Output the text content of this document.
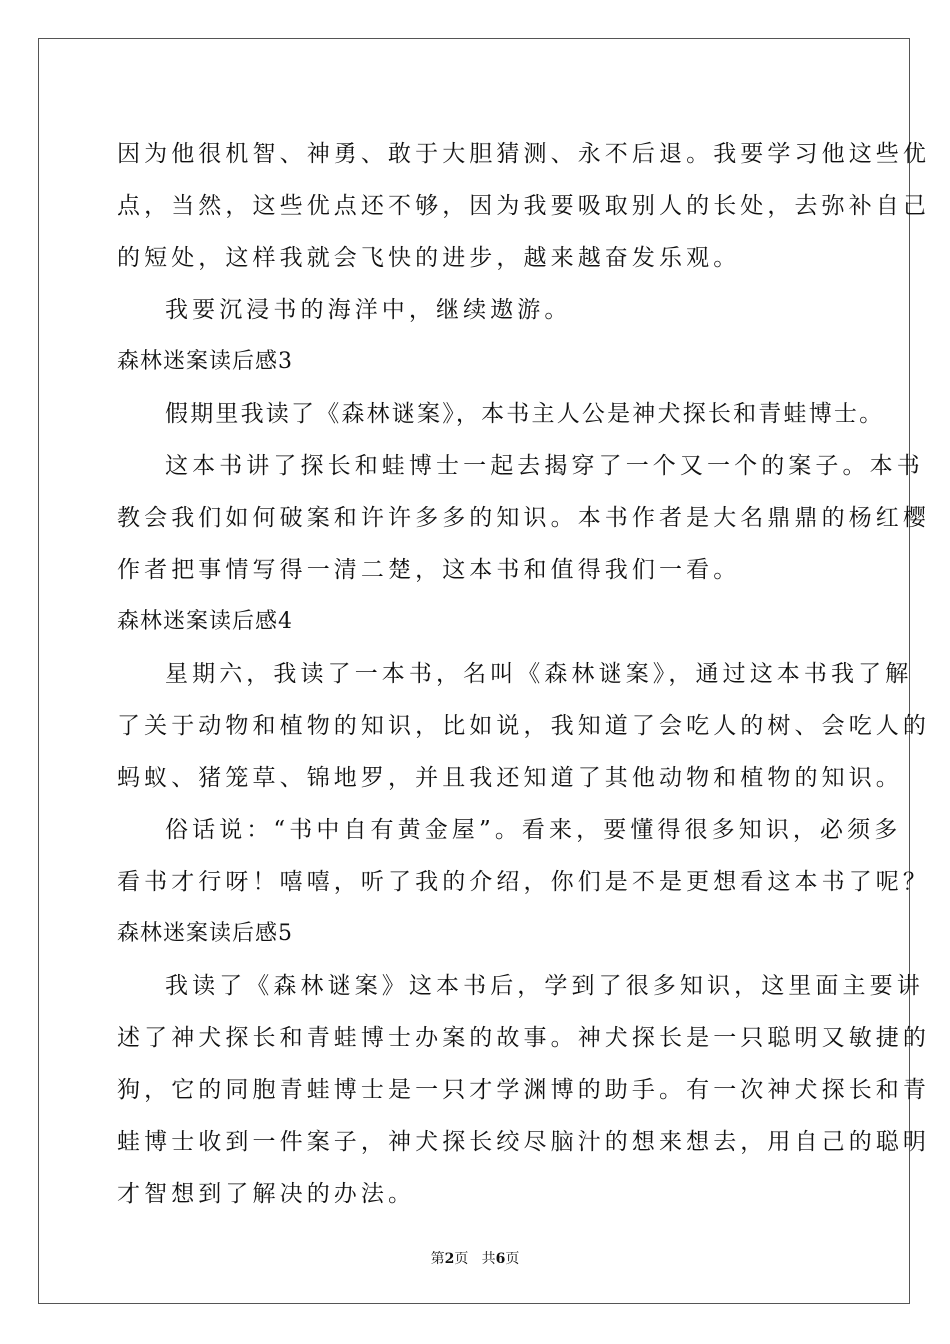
因为他很机智、神勇、敢于大胆猜测、永不后退。我要学习他这些优
点，当然，这些优点还不够，因为我要吸取别人的长处，去弥补自己
的短处，这样我就会飞快的进步，越来越奋发乐观。
我要沉浸书的海洋中，继续遨游。
森林迷案读后感3
假期里我读了《森林谜案》，本书主人公是神犬探长和青蛙博士。
这本书讲了探长和蛙博士一起去揭穿了一个又一个的案子。本书
教会我们如何破案和许许多多的知识。本书作者是大名鼎鼎的杨红樱
作者把事情写得一清二楚，这本书和值得我们一看。
森林迷案读后感4
星期六，我读了一本书，名叫《森林谜案》，通过这本书我了解
了关于动物和植物的知识，比如说，我知道了会吃人的树、会吃人的
蚂蚁、猪笼草、锦地罗，并且我还知道了其他动物和植物的知识。
俗话说：“书中自有黄金屋”。看来，要懂得很多知识，必须多
看书才行呀！嘻嘻，听了我的介绍，你们是不是更想看这本书了呢？
森林迷案读后感5
我读了《森林谜案》这本书后，学到了很多知识，这里面主要讲
述了神犬探长和青蛙博士办案的故事。神犬探长是一只聪明又敏捷的
狗，它的同胞青蛙博士是一只才学渊博的助手。有一次神犬探长和青
蛙博士收到一件案子，神犬探长绞尽脑汁的想来想去，用自己的聪明
才智想到了解决的办法。
第2页   共6页
